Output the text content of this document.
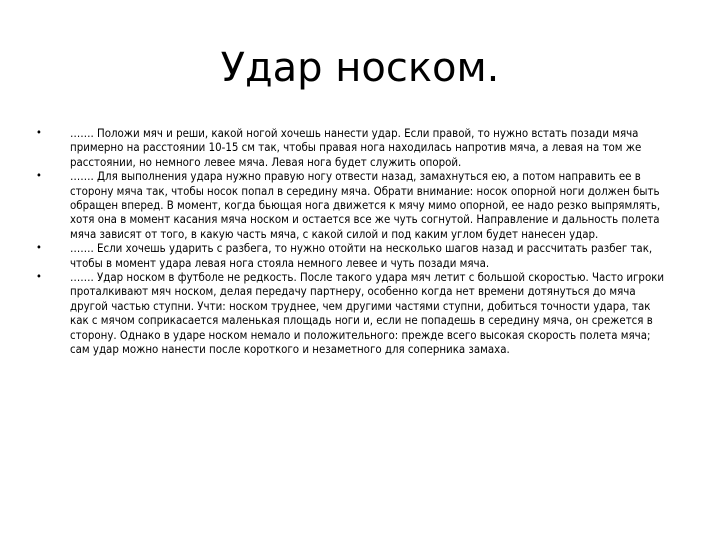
Удар носком.
• ……. Положи мяч и реши, какой ногой хочешь нанести удар. Если правой, то нужно встать позади мяча примерно на расстоянии 10-15 см так, чтобы правая нога находилась напротив мяча, а левая на том же расстоянии, но немного левее мяча. Левая нога будет служить опорой.
• ……. Для выполнения удара нужно правую ногу отвести назад, замахнуться ею, а потом направить ее в сторону мяча так, чтобы носок попал в середину мяча. Обрати внимание: носок опорной ноги должен быть обращен вперед. В момент, когда бьющая нога движется к мячу мимо опорной, ее надо резко выпрямлять, хотя она в момент касания мяча носком и остается все же чуть согнутой. Направление и дальность полета мяча зависят от того, в какую часть мяча, с какой силой и под каким углом будет нанесен удар.
• ……. Если хочешь ударить с разбега, то нужно отойти на несколько шагов назад и рассчитать разбег так, чтобы в момент удара левая нога стояла немного левее и чуть позади мяча.
• ……. Удар носком в футболе не редкость. После такого удара мяч летит с большой скоростью. Часто игроки проталкивают мяч носком, делая передачу партнеру, особенно когда нет времени дотянуться до мяча другой частью ступни. Учти: носком труднее, чем другими частями ступни, добиться точности удара, так как с мячом соприкасается маленькая площадь ноги и, если не попадешь в середину мяча, он срежется в сторону. Однако в ударе носком немало и положительного: прежде всего высокая скорость полета мяча; сам удар можно нанести после короткого и незаметного для соперника замаха.
